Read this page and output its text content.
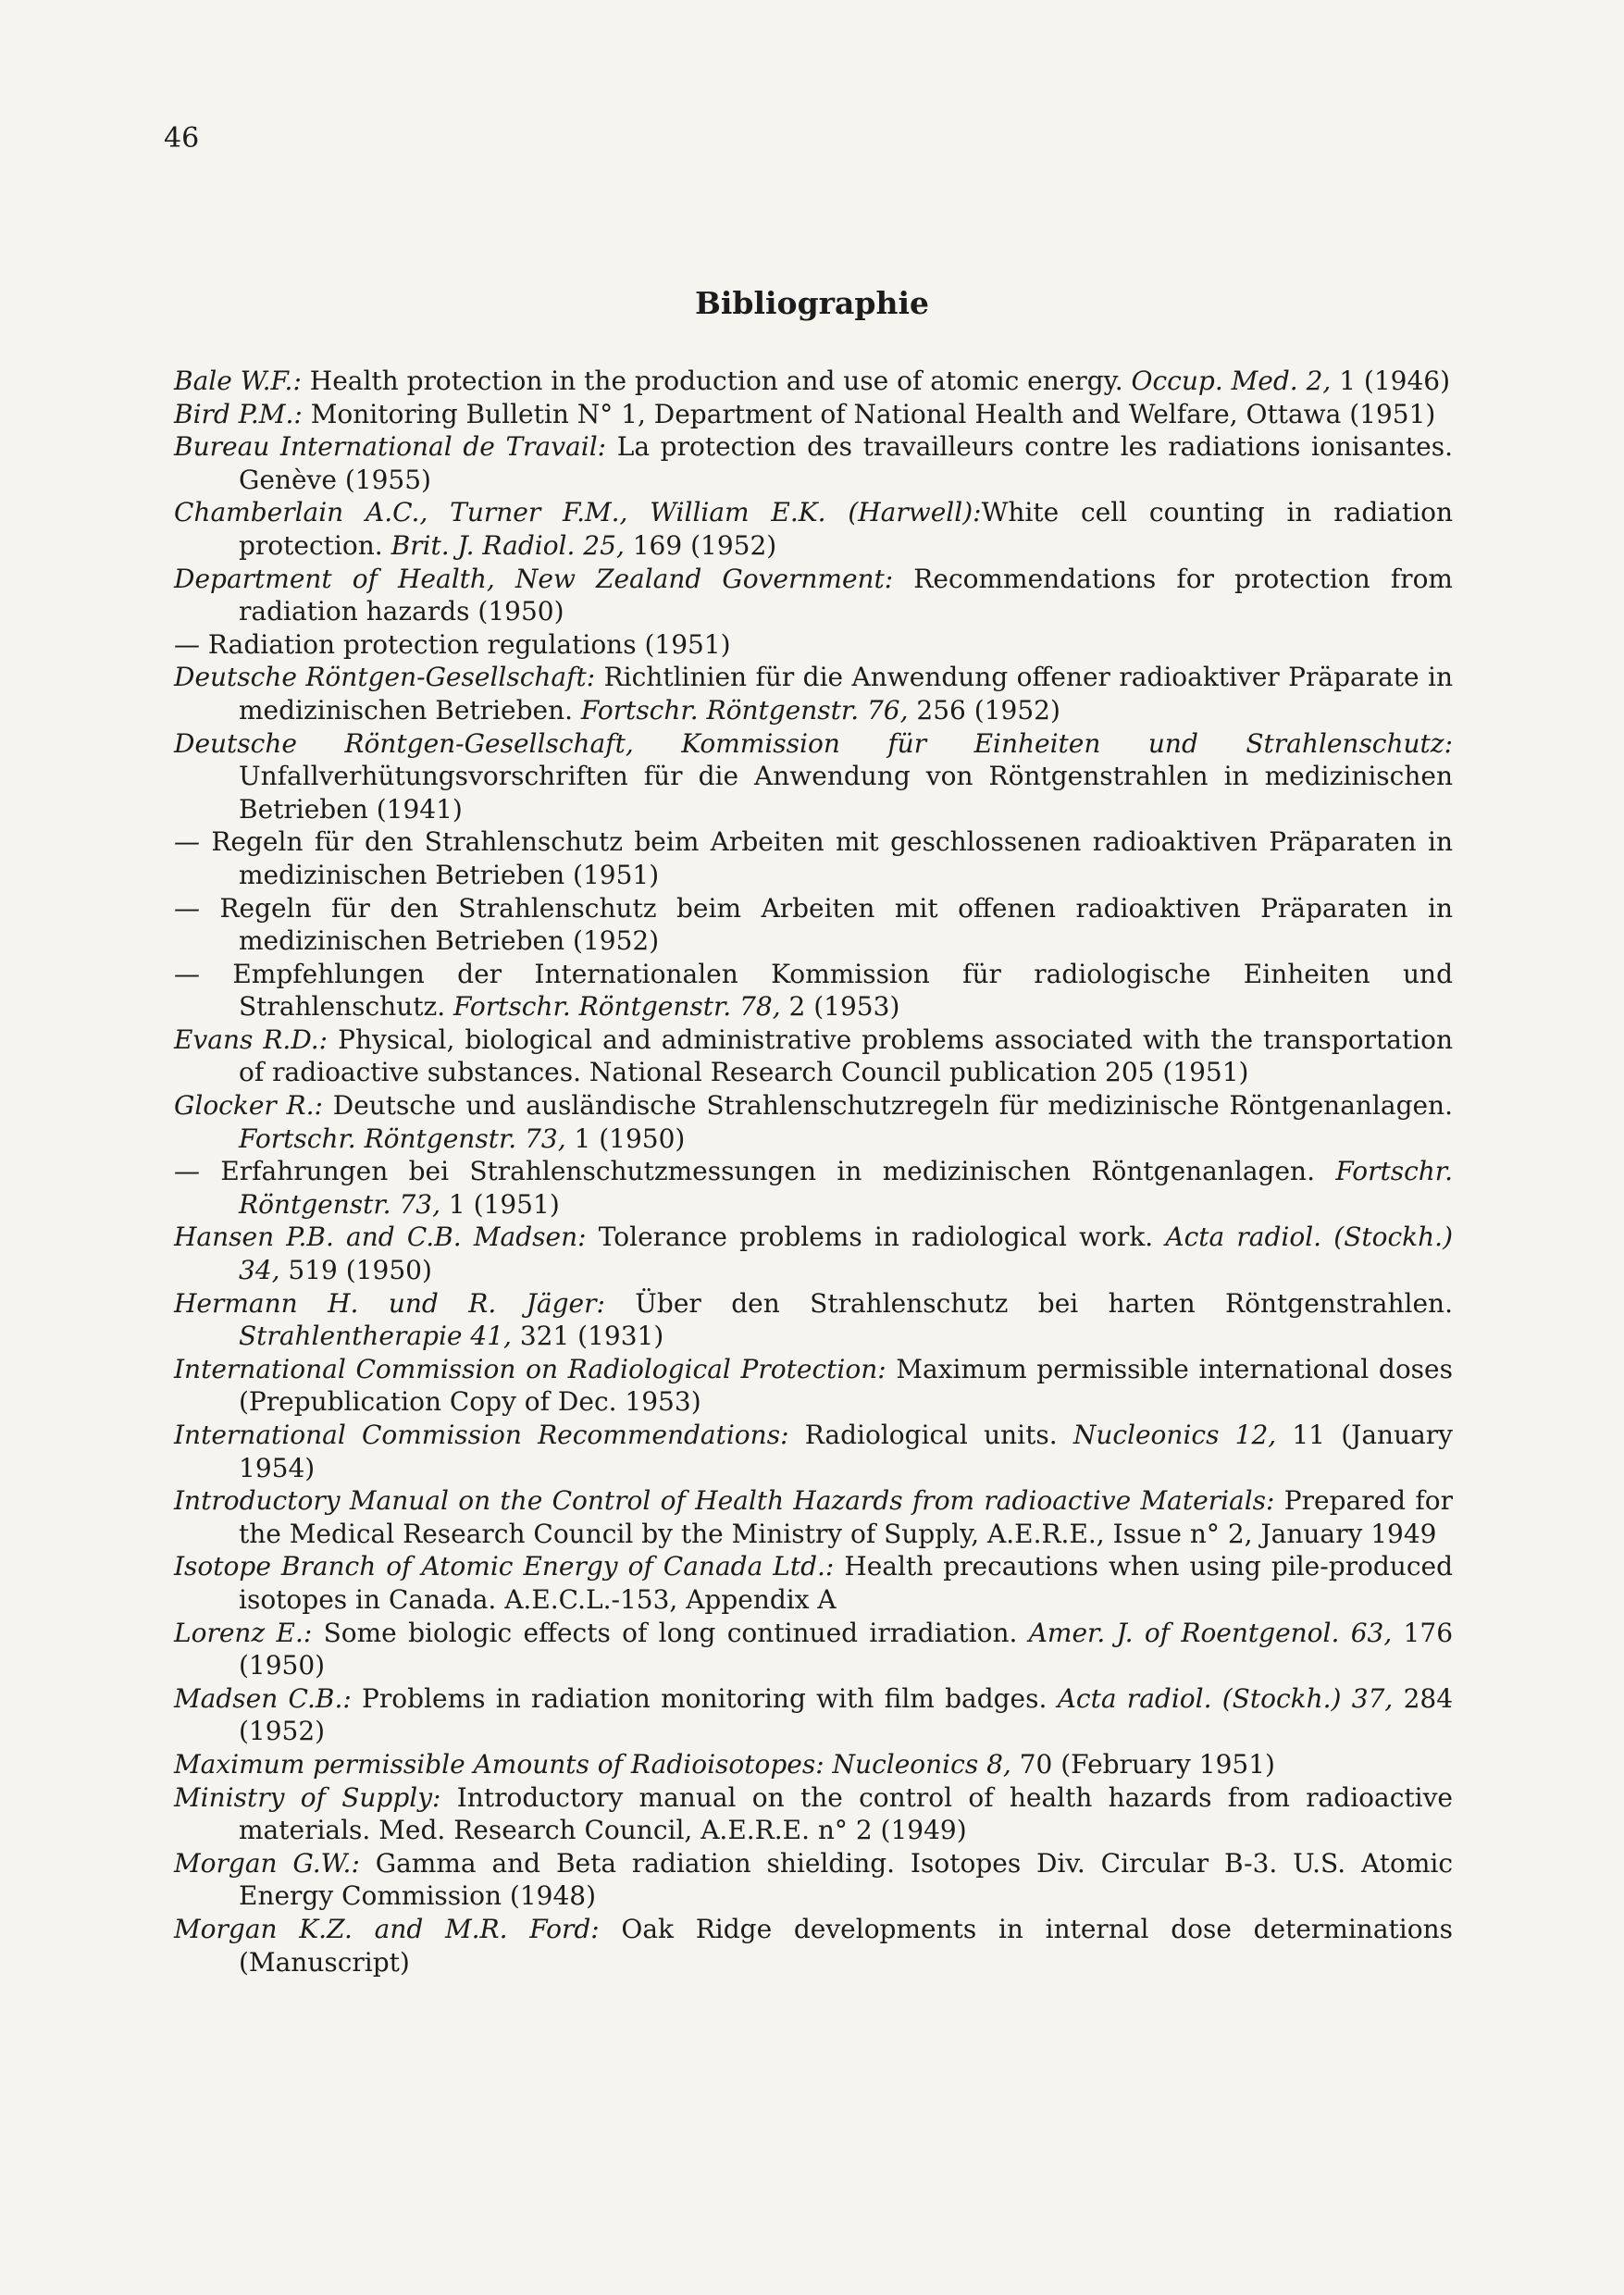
46
Bibliographie
Bale W.F.: Health protection in the production and use of atomic energy. Occup. Med. 2, 1 (1946)
Bird P.M.: Monitoring Bulletin N° 1, Department of National Health and Welfare, Ottawa (1951)
Bureau International de Travail: La protection des travailleurs contre les radiations ionisantes. Genève (1955)
Chamberlain A.C., Turner F.M., William E.K. (Harwell):White cell counting in radiation protection. Brit. J. Radiol. 25, 169 (1952)
Department of Health, New Zealand Government: Recommendations for protection from radiation hazards (1950)
— Radiation protection regulations (1951)
Deutsche Röntgen-Gesellschaft: Richtlinien für die Anwendung offener radioaktiver Präparate in medizinischen Betrieben. Fortschr. Röntgenstr. 76, 256 (1952)
Deutsche Röntgen-Gesellschaft, Kommission für Einheiten und Strahlenschutz: Unfallverhütungsvorschriften für die Anwendung von Röntgenstrahlen in medizinischen Betrieben (1941)
— Regeln für den Strahlenschutz beim Arbeiten mit geschlossenen radioaktiven Präparaten in medizinischen Betrieben (1951)
— Regeln für den Strahlenschutz beim Arbeiten mit offenen radioaktiven Präparaten in medizinischen Betrieben (1952)
— Empfehlungen der Internationalen Kommission für radiologische Einheiten und Strahlenschutz. Fortschr. Röntgenstr. 78, 2 (1953)
Evans R.D.: Physical, biological and administrative problems associated with the transportation of radioactive substances. National Research Council publication 205 (1951)
Glocker R.: Deutsche und ausländische Strahlenschutzregeln für medizinische Röntgenanlagen. Fortschr. Röntgenstr. 73, 1 (1950)
— Erfahrungen bei Strahlenschutzmessungen in medizinischen Röntgenanlagen. Fortschr. Röntgenstr. 73, 1 (1951)
Hansen P.B. and C.B. Madsen: Tolerance problems in radiological work. Acta radiol. (Stockh.) 34, 519 (1950)
Hermann H. und R. Jäger: Über den Strahlenschutz bei harten Röntgenstrahlen. Strahlentherapie 41, 321 (1931)
International Commission on Radiological Protection: Maximum permissible international doses (Prepublication Copy of Dec. 1953)
International Commission Recommendations: Radiological units. Nucleonics 12, 11 (January 1954)
Introductory Manual on the Control of Health Hazards from radioactive Materials: Prepared for the Medical Research Council by the Ministry of Supply, A.E.R.E., Issue n° 2, January 1949
Isotope Branch of Atomic Energy of Canada Ltd.: Health precautions when using pile-produced isotopes in Canada. A.E.C.L.-153, Appendix A
Lorenz E.: Some biologic effects of long continued irradiation. Amer. J. of Roentgenol. 63, 176 (1950)
Madsen C.B.: Problems in radiation monitoring with film badges. Acta radiol. (Stockh.) 37, 284 (1952)
Maximum permissible Amounts of Radioisotopes: Nucleonics 8, 70 (February 1951)
Ministry of Supply: Introductory manual on the control of health hazards from radioactive materials. Med. Research Council, A.E.R.E. n° 2 (1949)
Morgan G.W.: Gamma and Beta radiation shielding. Isotopes Div. Circular B-3. U.S. Atomic Energy Commission (1948)
Morgan K.Z. and M.R. Ford: Oak Ridge developments in internal dose determinations (Manuscript)
